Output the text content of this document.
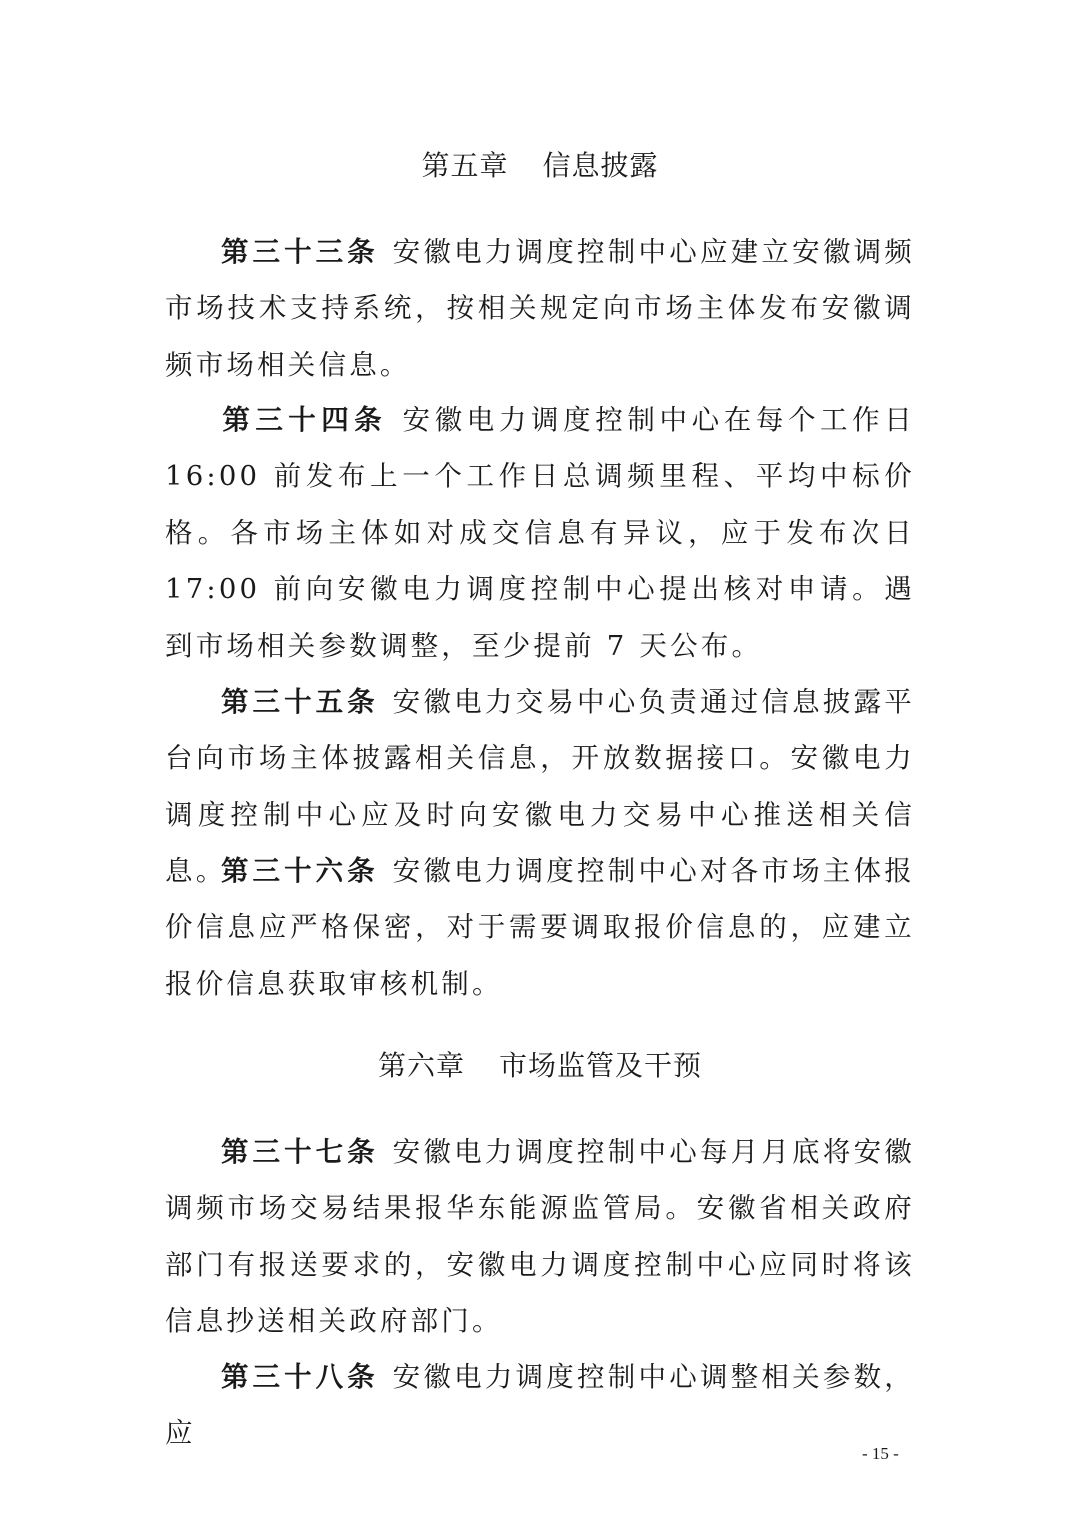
第五章 信息披露
第三十三条 安徽电力调度控制中心应建立安徽调频市场技术支持系统，按相关规定向市场主体发布安徽调频市场相关信息。
第三十四条 安徽电力调度控制中心在每个工作日 16:00 前发布上一个工作日总调频里程、平均中标价格。各市场主体如对成交信息有异议，应于发布次日 17:00 前向安徽电力调度控制中心提出核对申请。遇到市场相关参数调整，至少提前 7 天公布。
第三十五条 安徽电力交易中心负责通过信息披露平台向市场主体披露相关信息，开放数据接口。安徽电力调度控制中心应及时向安徽电力交易中心推送相关信息。
第三十六条 安徽电力调度控制中心对各市场主体报价信息应严格保密，对于需要调取报价信息的，应建立报价信息获取审核机制。
第六章 市场监管及干预
第三十七条 安徽电力调度控制中心每月月底将安徽调频市场交易结果报华东能源监管局。安徽省相关政府部门有报送要求的，安徽电力调度控制中心应同时将该信息抄送相关政府部门。
第三十八条 安徽电力调度控制中心调整相关参数，应
- 15 -
